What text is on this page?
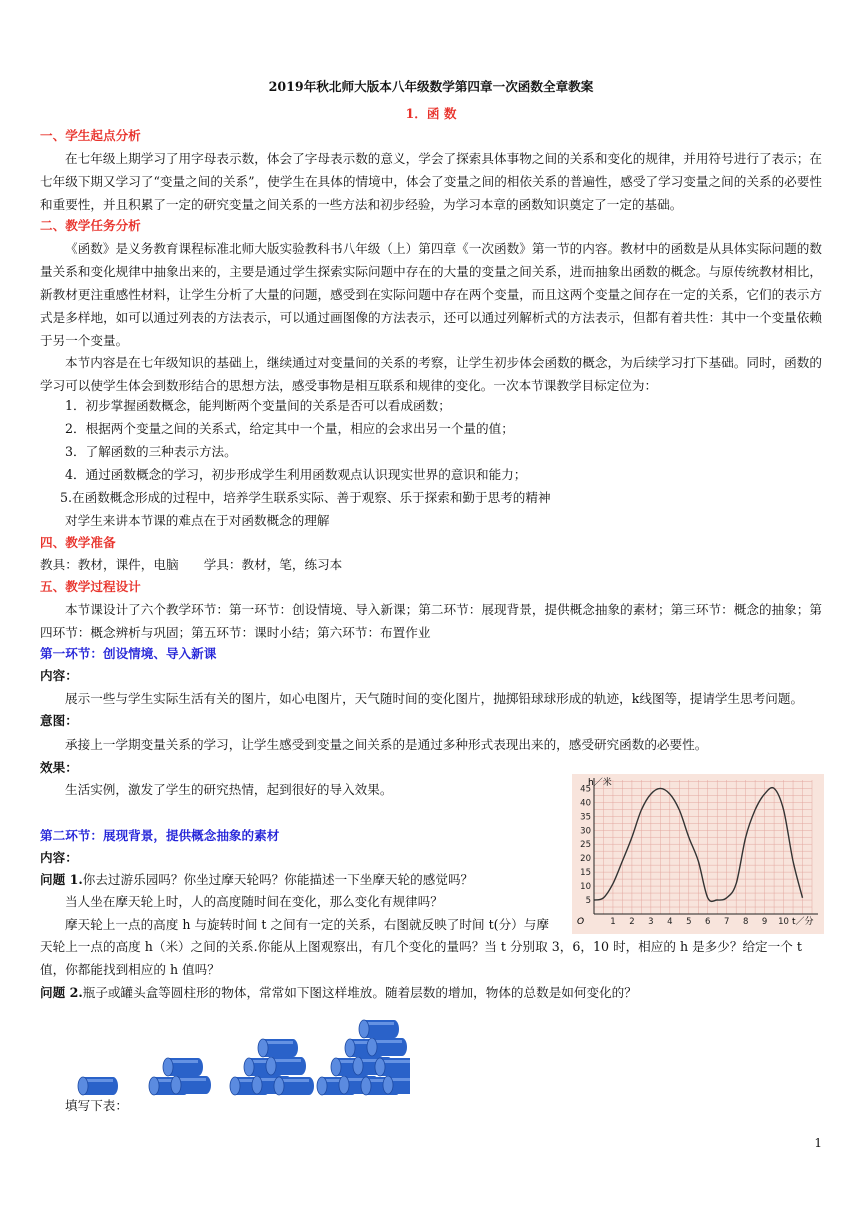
2019年秋北师大版本八年级数学第四章一次函数全章教案
1．函 数
一、学生起点分析
在七年级上期学习了用字母表示数，体会了字母表示数的意义，学会了探索具体事物之间的关系和变化的规律，并用符号进行了表示；在七年级下期又学习了“变量之间的关系”，使学生在具体的情境中，体会了变量之间的相依关系的普遍性，感受了学习变量之间的关系的必要性和重要性，并且积累了一定的研究变量之间关系的一些方法和初步经验，为学习本章的函数知识奠定了一定的基础。
二、教学任务分析
《函数》是义务教育课程标准北师大版实验教科书八年级（上）第四章《一次函数》第一节的内容。教材中的函数是从具体实际问题的数量关系和变化规律中抽象出来的，主要是通过学生探索实际问题中存在的大量的变量之间关系，进而抽象出函数的概念。与原传统教材相比，新教材更注重感性材料，让学生分析了大量的问题，感受到在实际问题中存在两个变量，而且这两个变量之间存在一定的关系，它们的表示方式是多样地，如可以通过列表的方法表示，可以通过画图像的方法表示，还可以通过列解析式的方法表示，但都有着共性：其中一个变量依赖于另一个变量。
本节内容是在七年级知识的基础上，继续通过对变量间的关系的考察，让学生初步体会函数的概念，为后续学习打下基础。同时，函数的学习可以使学生体会到数形结合的思想方法，感受事物是相互联系和规律的变化。一次本节课教学目标定位为：
1．初步掌握函数概念，能判断两个变量间的关系是否可以看成函数；
2．根据两个变量之间的关系式，给定其中一个量，相应的会求出另一个量的值；
3．了解函数的三种表示方法。
4．通过函数概念的学习，初步形成学生利用函数观点认识现实世界的意识和能力；
5.在函数概念形成的过程中，培养学生联系实际、善于观察、乐于探索和勤于思考的精神
对学生来讲本节课的难点在于对函数概念的理解
四、教学准备
教具：教材，课件，电脑　　学具：教材，笔，练习本
五、教学过程设计
本节课设计了六个教学环节：第一环节：创设情境、导入新课；第二环节：展现背景，提供概念抽象的素材；第三环节：概念的抽象；第四环节：概念辨析与巩固；第五环节：课时小结；第六环节：布置作业
第一环节：创设情境、导入新课
内容：
展示一些与学生实际生活有关的图片，如心电图片，天气随时间的变化图片，抛掷铅球球形成的轨迹，k线图等，提请学生思考问题。
意图：
承接上一学期变量关系的学习，让学生感受到变量之间关系的是通过多种形式表现出来的，感受研究函数的必要性。
效果：
生活实例，激发了学生的研究热情，起到很好的导入效果。
第二环节：展现背景，提供概念抽象的素材
内容：
问题 1.你去过游乐园吗？你坐过摩天轮吗？你能描述一下坐摩天轮的感觉吗？
当人坐在摩天轮上时，人的高度随时间在变化，那么变化有规律吗？
摩天轮上一点的高度 h 与旋转时间 t 之间有一定的关系，右图就反映了时间 t(分）与摩
天轮上一点的高度 h（米）之间的关系.你能从上图观察出，有几个变化的量吗？当 t 分别取 3，6，10 时，相应的 h 是多少？给定一个 t
值，你都能找到相应的 h 值吗？
问题 2.瓶子或罐头盒等圆柱形的物体，常常如下图这样堆放。随着层数的增加，物体的总数是如何变化的？
1 2 3 4 5 6 7 8 9 10
5
10
15
20
25
30
35
40
45
h／米
t／分
O
填写下表：
1
